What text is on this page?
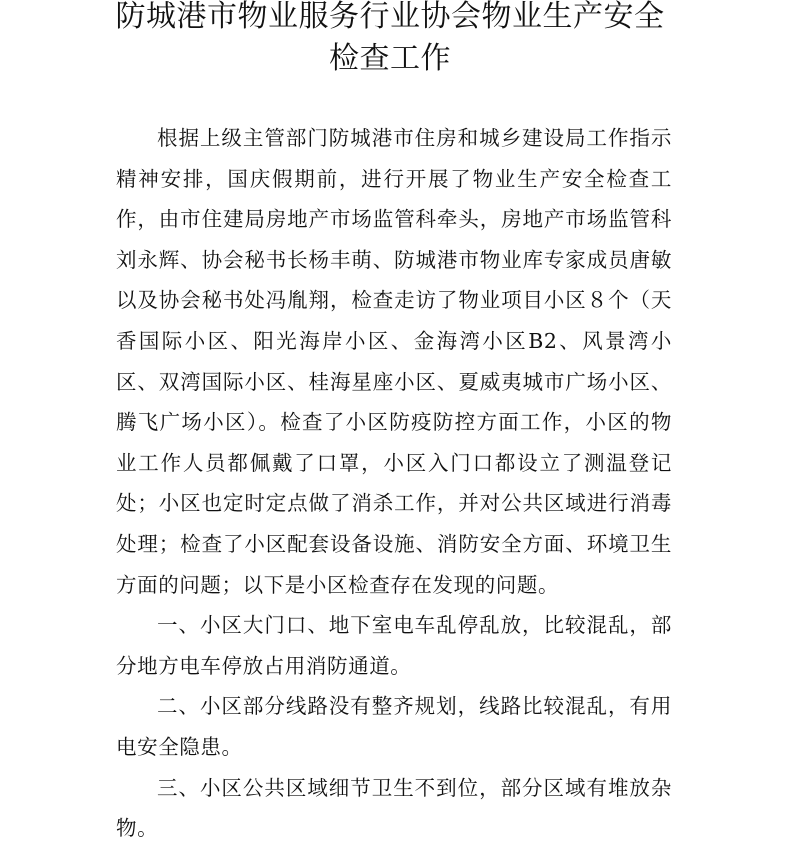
防城港市物业服务行业协会物业生产安全
检查工作

根据上级主管部门防城港市住房和城乡建设局工作指示精神安排，国庆假期前，进行开展了物业生产安全检查工作，由市住建局房地产市场监管科牵头，房地产市场监管科刘永辉、协会秘书长杨丰萌、防城港市物业库专家成员唐敏以及协会秘书处冯胤翔，检查走访了物业项目小区８个（天香国际小区、阳光海岸小区、金海湾小区B2、风景湾小区、双湾国际小区、桂海星座小区、夏威夷城市广场小区、腾飞广场小区）。检查了小区防疫防控方面工作，小区的物业工作人员都佩戴了口罩，小区入门口都设立了测温登记处；小区也定时定点做了消杀工作，并对公共区域进行消毒处理；检查了小区配套设备设施、消防安全方面、环境卫生方面的问题；以下是小区检查存在发现的问题。

一、小区大门口、地下室电车乱停乱放，比较混乱，部分地方电车停放占用消防通道。

二、小区部分线路没有整齐规划，线路比较混乱，有用电安全隐患。

三、小区公共区域细节卫生不到位，部分区域有堆放杂物。
